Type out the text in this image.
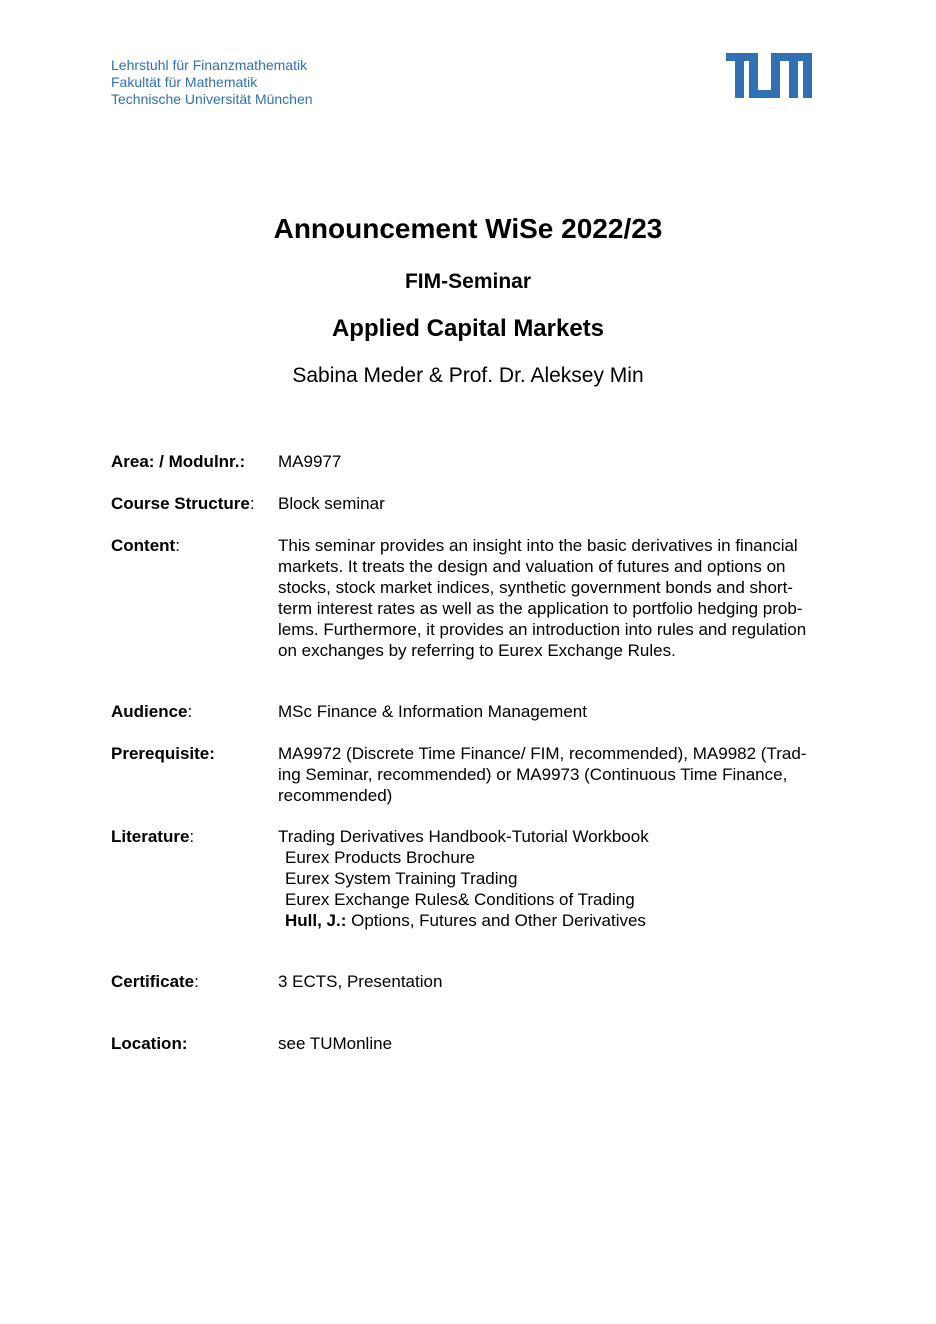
Lehrstuhl für Finanzmathematik
Fakultät für Mathematik
Technische Universität München
Announcement WiSe 2022/23
FIM-Seminar
Applied Capital Markets
Sabina Meder & Prof. Dr. Aleksey Min
Area: / Modulnr.:	MA9977
Course Structure:	Block seminar
Content:	This seminar provides an insight into the basic derivatives in financial
markets. It treats the design and valuation of futures and options on
stocks, stock market indices, synthetic government bonds and short-
term interest rates as well as the application to portfolio hedging prob-
lems. Furthermore, it provides an introduction into rules and regulation
on exchanges by referring to Eurex Exchange Rules.
Audience:	MSc Finance & Information Management
Prerequisite:	MA9972 (Discrete Time Finance/ FIM, recommended), MA9982 (Trad-
ing Seminar, recommended) or MA9973 (Continuous Time Finance,
recommended)
Literature:	Trading Derivatives Handbook-Tutorial Workbook
Eurex Products Brochure
Eurex System Training Trading
Eurex Exchange Rules& Conditions of Trading
Hull, J.: Options, Futures and Other Derivatives
Certificate:	3 ECTS, Presentation
Location:	see TUMonline
